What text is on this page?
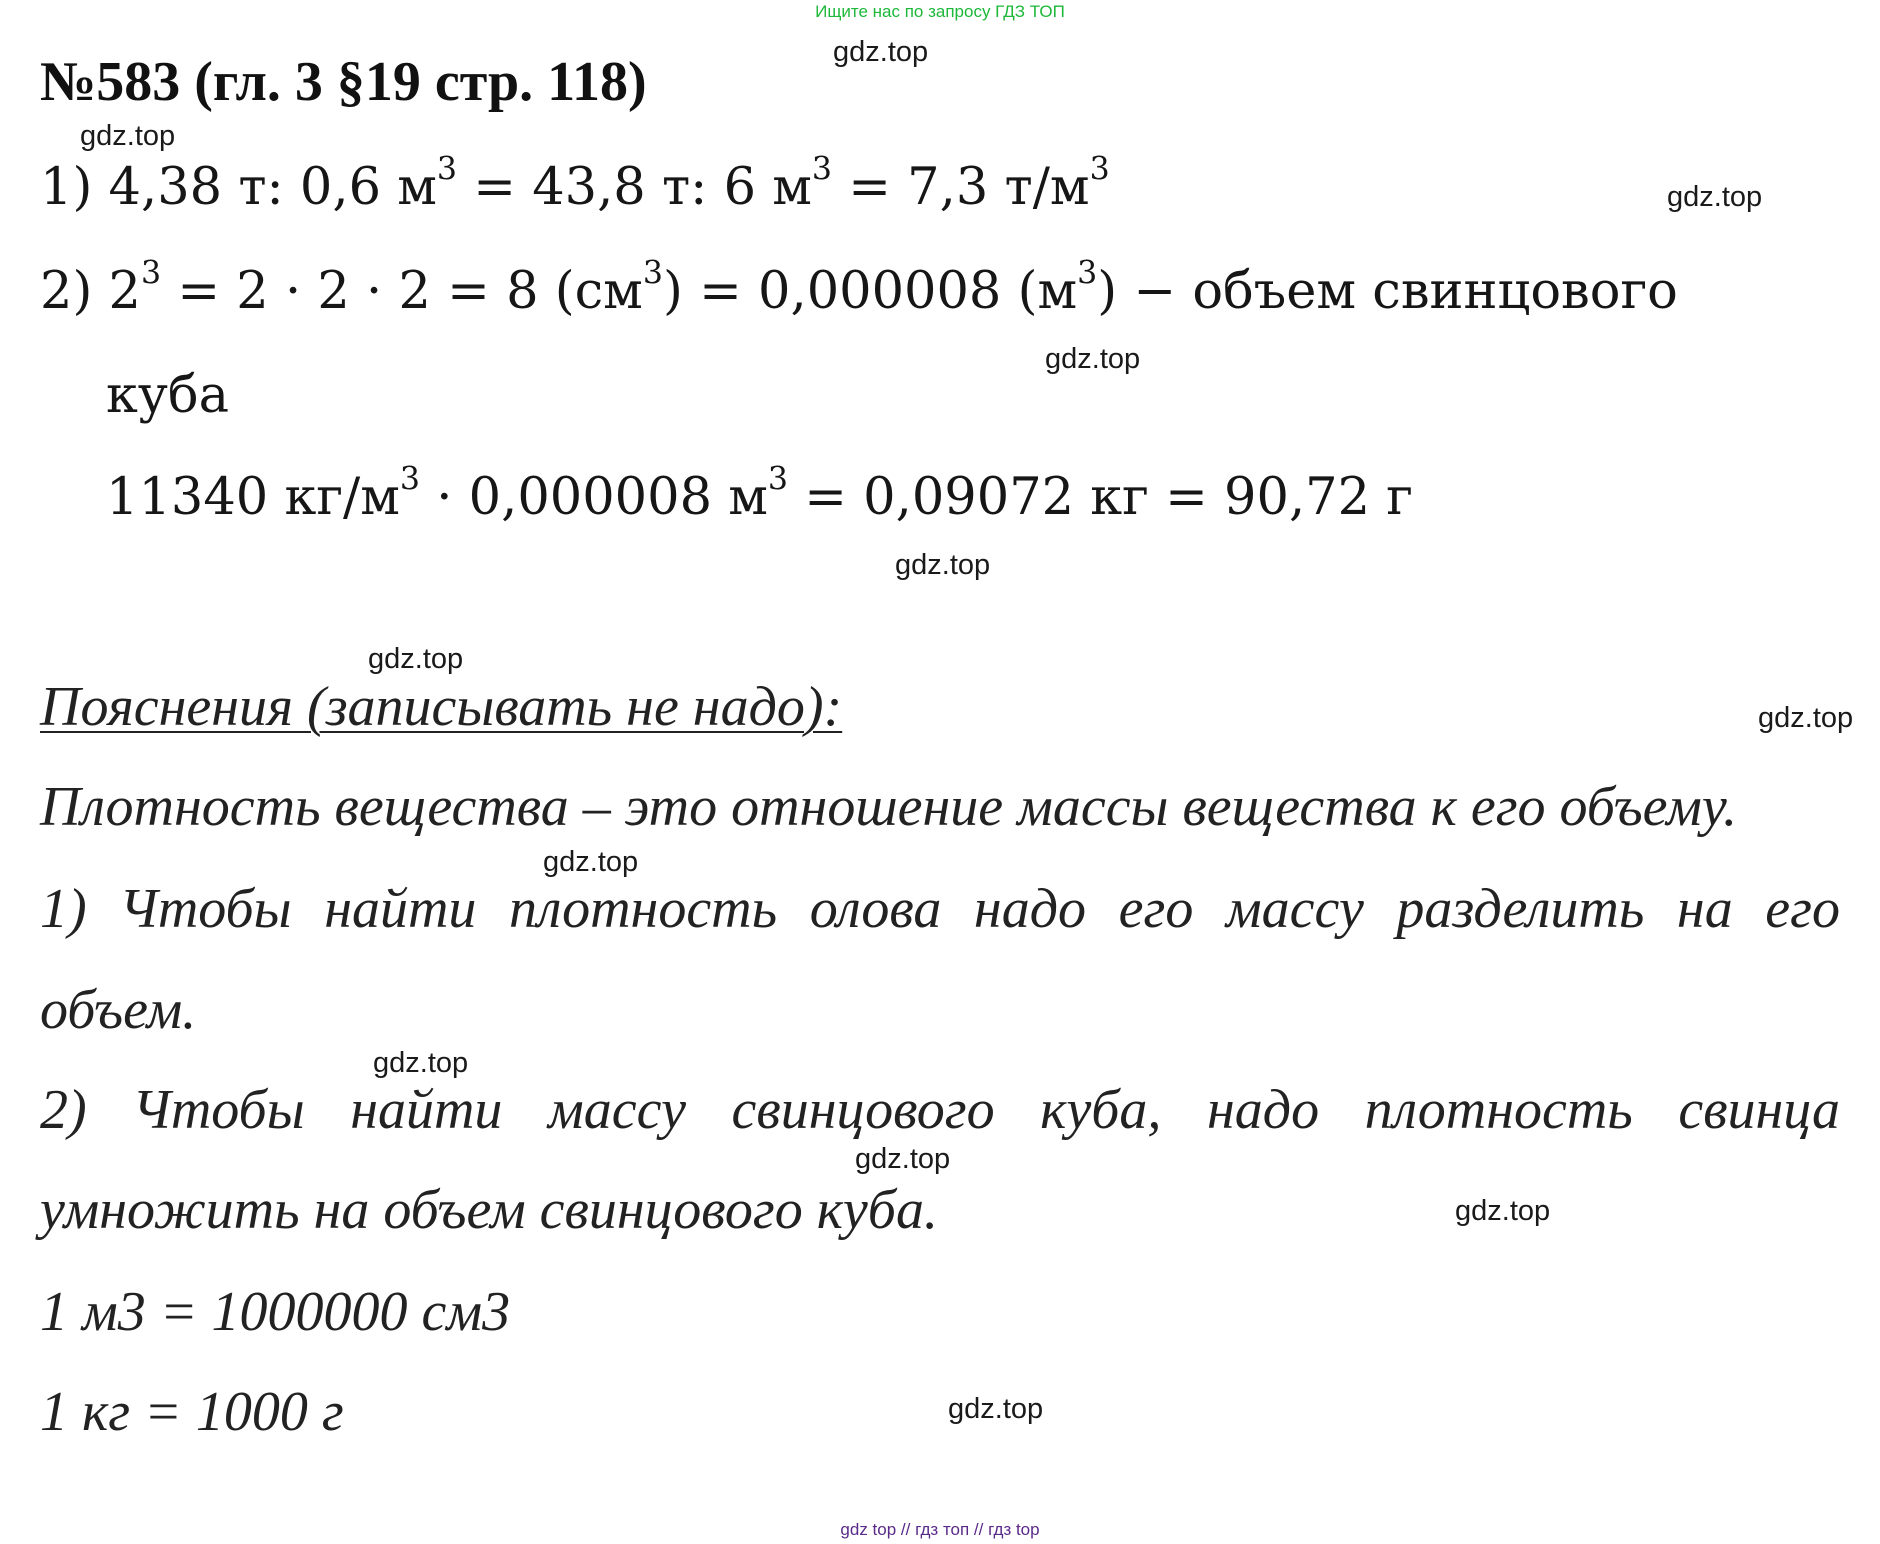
Ищите нас по запросу ГДЗ ТОП
№583 (гл. 3 §19 стр. 118)	gdz.top
gdz.top
gdz.top
gdz.top
gdz.top
gdz.top
gdz.top
gdz.top
gdz.top
gdz.top
gdz.top
gdz.top
1) 4,38 т: 0,6 $м^3 = 43,8$ т: 6 $м^3 = 7,3$ $т/м^3$
2) $2^3 = 2 \cdot 2 \cdot 2 = 8$ $(см^3) = 0,000008$ $(м^3)$ − объем свинцового
куба
11340 $кг/м^3 \cdot 0,000008$ $м^3 = 0,09072$ кг = 90,72 г
Пояснения (записывать не надо):
Плотность вещества – это отношение массы вещества к его объему.
1) Чтобы найти плотность олова надо его массу разделить на его
объем.
2) Чтобы найти массу свинцового куба, надо плотность свинца
умножить на объем свинцового куба.
1 м3 = 1000000 см3
1 кг = 1000 г
gdz top // гдз топ // гдз top
